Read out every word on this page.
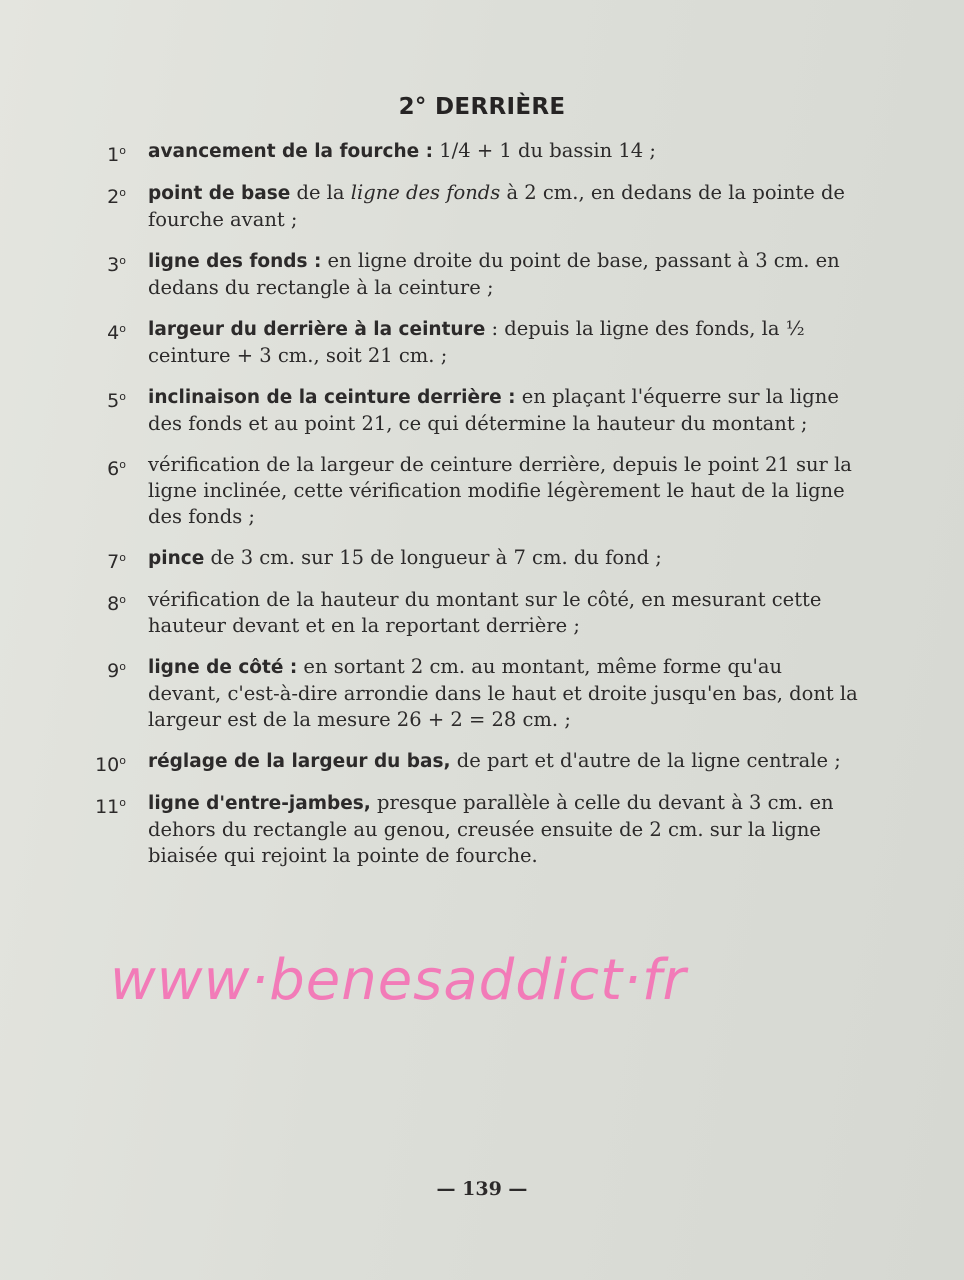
2° DERRIÈRE
1$^o$ avancement de la fourche : 1/4 + 1 du bassin 14 ;
2$^o$ point de base de la ligne des fonds à 2 cm., en dedans de la pointe de fourche avant ;
3$^o$ ligne des fonds : en ligne droite du point de base, passant à 3 cm. en dedans du rectangle à la ceinture ;
4$^o$ largeur du derrière à la ceinture : depuis la ligne des fonds, la ½ ceinture + 3 cm., soit 21 cm. ;
5$^o$ inclinaison de la ceinture derrière : en plaçant l'équerre sur la ligne des fonds et au point 21, ce qui détermine la hauteur du montant ;
6$^o$ vérification de la largeur de ceinture derrière, depuis le point 21 sur la ligne inclinée, cette vérification modifie légèrement le haut de la ligne des fonds ;
7$^o$ pince de 3 cm. sur 15 de longueur à 7 cm. du fond ;
8$^o$ vérification de la hauteur du montant sur le côté, en mesurant cette hauteur devant et en la reportant derrière ;
9$^o$ ligne de côté : en sortant 2 cm. au montant, même forme qu'au devant, c'est-à-dire arrondie dans le haut et droite jusqu'en bas, dont la largeur est de la mesure 26 + 2 = 28 cm. ;
10$^o$ réglage de la largeur du bas, de part et d'autre de la ligne centrale ;
11$^o$ ligne d'entre-jambes, presque parallèle à celle du devant à 3 cm. en dehors du rectangle au genou, creusée ensuite de 2 cm. sur la ligne biaisée qui rejoint la pointe de fourche.
www·benesaddict·fr
— 139 —
